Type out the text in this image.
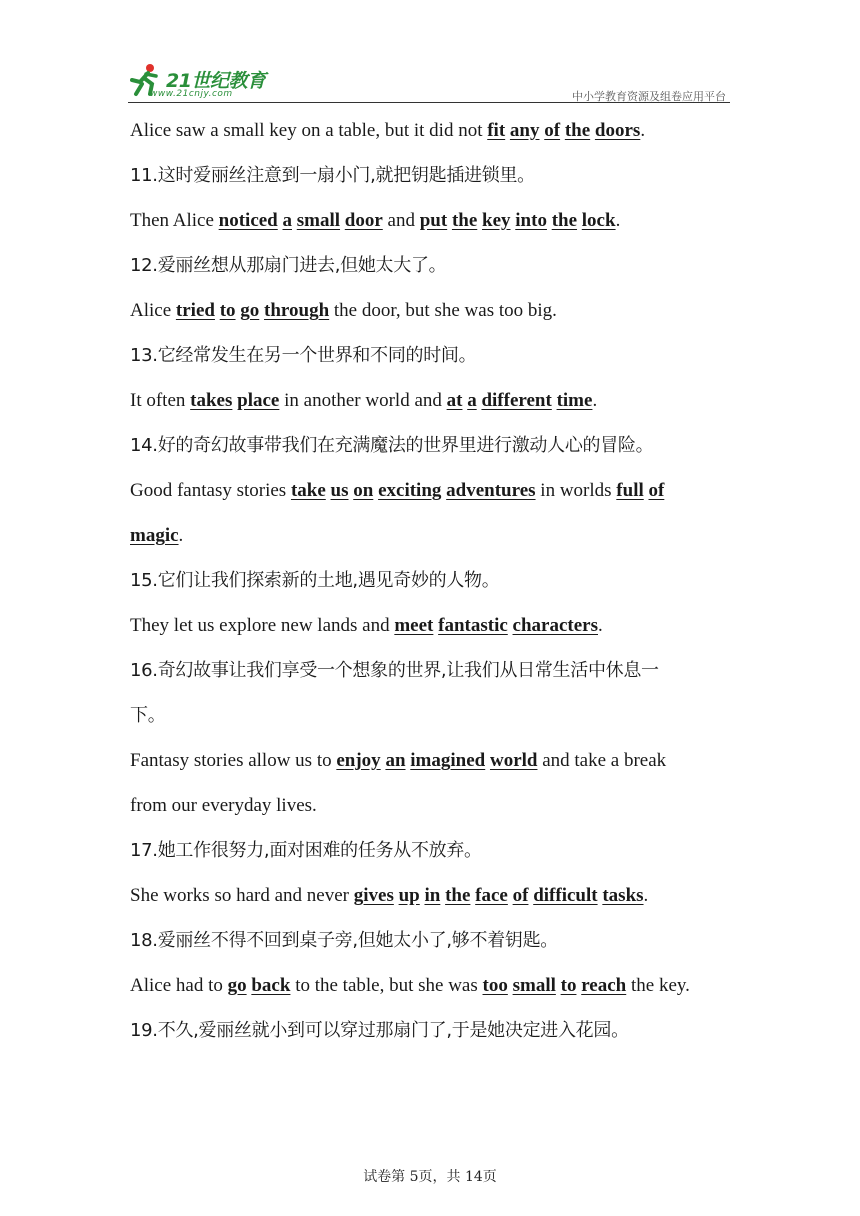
21世纪教育
www.21cnjy.com	中小学教育资源及组卷应用平台
Alice saw a small key on a table, but it did not fit any of the doors.
11.这时爱丽丝注意到一扇小门,就把钥匙插进锁里。
Then Alice noticed a small door and put the key into the lock.
12.爱丽丝想从那扇门进去,但她太大了。
Alice tried to go through the door, but she was too big.
13.它经常发生在另一个世界和不同的时间。
It often takes place in another world and at a different time.
14.好的奇幻故事带我们在充满魔法的世界里进行激动人心的冒险。
Good fantasy stories take us on exciting adventures in worlds full of
magic.
15.它们让我们探索新的土地,遇见奇妙的人物。
They let us explore new lands and meet fantastic characters.
16.奇幻故事让我们享受一个想象的世界,让我们从日常生活中休息一
下。
Fantasy stories allow us to enjoy an imagined world and take a break
from our everyday lives.
17.她工作很努力,面对困难的任务从不放弃。
She works so hard and never gives up in the face of difficult tasks.
18.爱丽丝不得不回到桌子旁,但她太小了,够不着钥匙。
Alice had to go back to the table, but she was too small to reach the key.
19.不久,爱丽丝就小到可以穿过那扇门了,于是她决定进入花园。
试卷第 5页，共 14页
